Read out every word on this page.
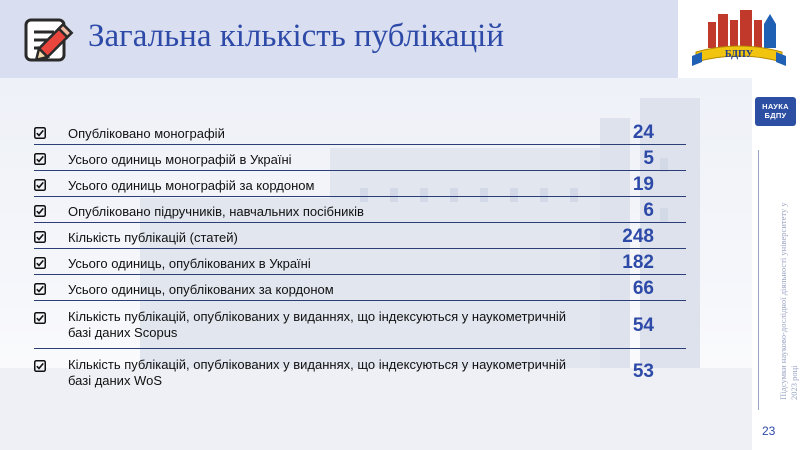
Загальна кількість публікацій
БДПУ
НАУКА
БДПУ
Підсумки науково-дослідної діяльності університету у 2023 році
23
Опубліковано монографій	24
Усього одиниць монографій в Україні	5
Усього одиниць монографій за кордоном	19
Опубліковано підручників, навчальних посібників	6
Кількість публікацій (статей)	248
Усього одиниць, опублікованих в Україні	182
Усього одиниць, опублікованих за кордоном	66
Кількість публікацій, опублікованих у виданнях, що індексуються у наукометричній
базі даних Scopus	54
Кількість публікацій, опублікованих у виданнях, що індексуються у наукометричній
базі даних WoS	53
